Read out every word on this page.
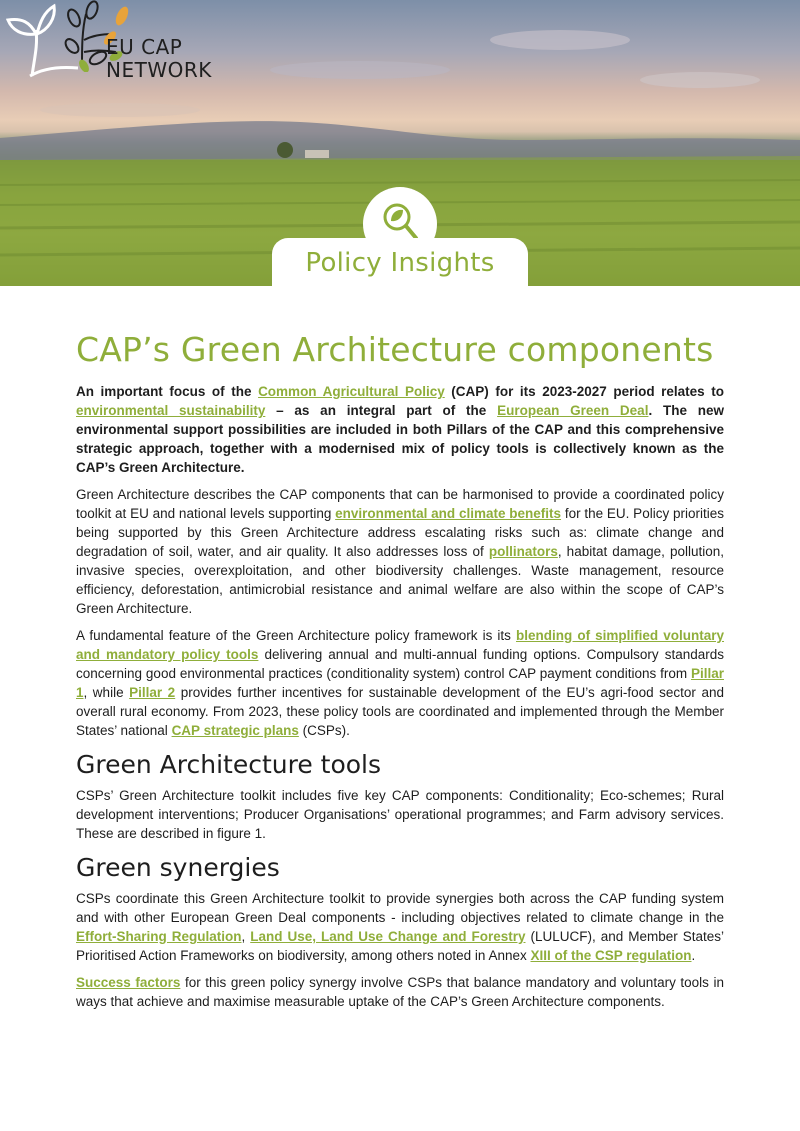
EU CAP
NETWORK

Policy Insights
CAP’s Green Architecture components

An important focus of the Common Agricultural Policy (CAP) for its 2023-2027 period relates to environmental sustainability – as an integral part of the European Green Deal. The new environmental support possibilities are included in both Pillars of the CAP and this comprehensive strategic approach, together with a modernised mix of policy tools is collectively known as the CAP’s Green Architecture.

Green Architecture describes the CAP components that can be harmonised to provide a coordinated policy toolkit at EU and national levels supporting environmental and climate benefits for the EU. Policy priorities being supported by this Green Architecture address escalating risks such as: climate change and degradation of soil, water, and air quality. It also addresses loss of pollinators, habitat damage, pollution, invasive species, overexploitation, and other biodiversity challenges. Waste management, resource efficiency, deforestation, antimicrobial resistance and animal welfare are also within the scope of CAP’s Green Architecture.

A fundamental feature of the Green Architecture policy framework is its blending of simplified voluntary and mandatory policy tools delivering annual and multi-annual funding options. Compulsory standards concerning good environmental practices (conditionality system) control CAP payment conditions from Pillar 1, while Pillar 2 provides further incentives for sustainable development of the EU’s agri-food sector and overall rural economy. From 2023, these policy tools are coordinated and implemented through the Member States’ national CAP strategic plans (CSPs).

Green Architecture tools

CSPs’ Green Architecture toolkit includes five key CAP components: Conditionality; Eco-schemes; Rural development interventions; Producer Organisations’ operational programmes; and Farm advisory services. These are described in figure 1.

Green synergies

CSPs coordinate this Green Architecture toolkit to provide synergies both across the CAP funding system and with other European Green Deal components - including objectives related to climate change in the Effort-Sharing Regulation, Land Use, Land Use Change and Forestry (LULUCF), and Member States’ Prioritised Action Frameworks on biodiversity, among others noted in Annex XIII of the CSP regulation.

Success factors for this green policy synergy involve CSPs that balance mandatory and voluntary tools in ways that achieve and maximise measurable uptake of the CAP’s Green Architecture components.
